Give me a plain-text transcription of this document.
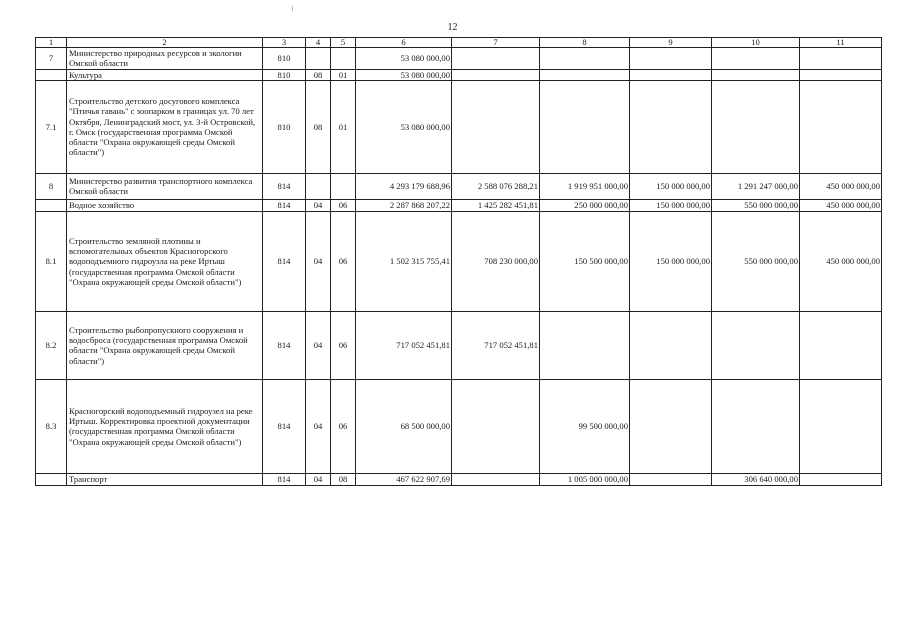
12
1	2	3	4	5	6	7	8	9	10	11
7	Министерство природных ресурсов и экологии Омской области	810			53 080 000,00					
	Культура	810	08	01	53 080 000,00					
7.1	Строительство детского досугового комплекса "Птичья гавань" с зоопарком в границах ул. 70 лет Октября, Ленинградский мост, ул. 3-й Островской, г. Омск (государственная программа Омской области "Охрана окружающей среды Омской области")	810	08	01	53 080 000,00					
8	Министерство развития транспортного комплекса Омской области	814			4 293 179 688,96	2 588 076 288,21	1 919 951 000,00	150 000 000,00	1 291 247 000,00	450 000 000,00
	Водное хозяйство	814	04	06	2 287 868 207,22	1 425 282 451,81	250 000 000,00	150 000 000,00	550 000 000,00	450 000 000,00
8.1	Строительство земляной плотины и вспомогательных объектов Красногорского водоподъемного гидроузла на реке Иртыш (государственная программа Омской области "Охрана окружающей среды Омской области")	814	04	06	1 502 315 755,41	708 230 000,00	150 500 000,00	150 000 000,00	550 000 000,00	450 000 000,00
8.2	Строительство рыбопропускного сооружения и водосброса (государственная программа Омской области "Охрана окружающей среды Омской области")	814	04	06	717 052 451,81	717 052 451,81				
8.3	Красногорский водоподъемный гидроузел на реке Иртыш. Корректировка проектной документации (государственная программа Омской области "Охрана окружающей среды Омской области")	814	04	06	68 500 000,00		99 500 000,00			
	Транспорт	814	04	08	467 622 907,69		1 005 000 000,00		306 640 000,00	
